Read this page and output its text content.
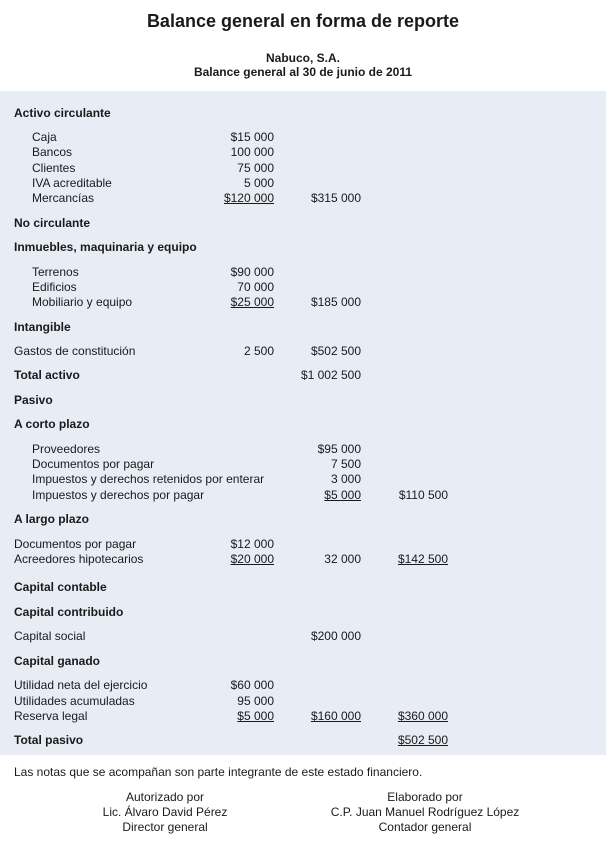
Balance general en forma de reporte
Nabuco, S.A.
Balance general al 30 de junio de 2011
Activo circulante
Caja	$15 000
Bancos	100 000
Clientes	75 000
IVA acreditable	5 000
Mercancías	$120 000	$315 000
No circulante
Inmuebles, maquinaria y equipo
Terrenos	$90 000
Edificios	70 000
Mobiliario y equipo	$25 000	$185 000
Intangible
Gastos de constitución	2 500	$502 500
Total activo	$1 002 500
Pasivo
A corto plazo
Proveedores	$95 000
Documentos por pagar	7 500
Impuestos y derechos retenidos por enterar	3 000
Impuestos y derechos por pagar	$5 000	$110 500
A largo plazo
Documentos por pagar	$12 000
Acreedores hipotecarios	$20 000	32 000	$142 500
Capital contable
Capital contribuido
Capital social	$200 000
Capital ganado
Utilidad neta del ejercicio	$60 000
Utilidades acumuladas	95 000
Reserva legal	$5 000	$160 000	$360 000
Total pasivo	$502 500
Las notas que se acompañan son parte integrante de este estado financiero.
Autorizado por
Lic. Álvaro David Pérez
Director general
Elaborado por
C.P. Juan Manuel Rodríguez López
Contador general
